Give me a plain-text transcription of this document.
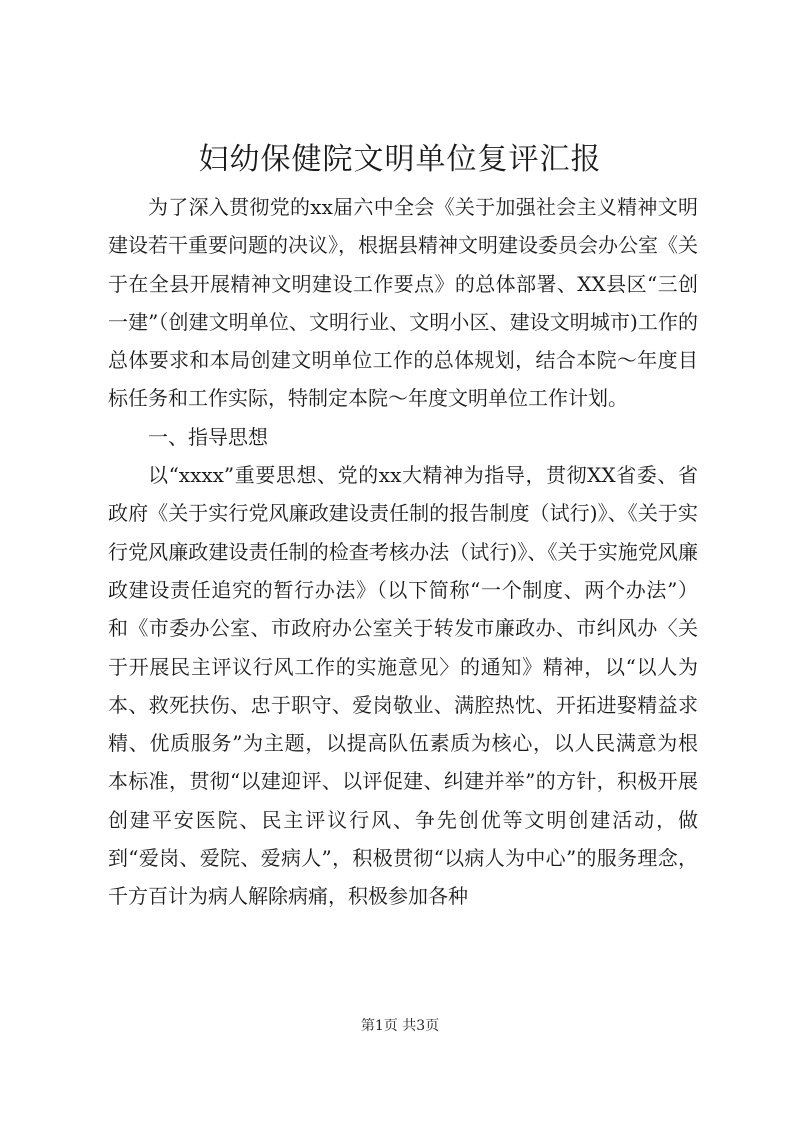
妇幼保健院文明单位复评汇报

为了深入贯彻党的xx届六中全会《关于加强社会主义精神文明建设若干重要问题的决议》，根据县精神文明建设委员会办公室《关于在全县开展精神文明建设工作要点》的总体部署、XX县区“三创一建”（创建文明单位、文明行业、文明小区、建设文明城市)工作的总体要求和本局创建文明单位工作的总体规划，结合本院～年度目标任务和工作实际，特制定本院～年度文明单位工作计划。

一、指导思想

以“xxxx”重要思想、党的xx大精神为指导，贯彻XX省委、省政府《关于实行党风廉政建设责任制的报告制度（试行)》、《关于实行党风廉政建设责任制的检查考核办法（试行)》、《关于实施党风廉政建设责任追究的暂行办法》（以下简称“一个制度、两个办法”）和《市委办公室、市政府办公室关于转发市廉政办、市纠风办〈关于开展民主评议行风工作的实施意见〉的通知》精神，以“以人为本、救死扶伤、忠于职守、爱岗敬业、满腔热忱、开拓进娶精益求精、优质服务”为主题，以提高队伍素质为核心，以人民满意为根本标准，贯彻“以建迎评、以评促建、纠建并举”的方针，积极开展创建平安医院、民主评议行风、争先创优等文明创建活动，做到“爱岗、爱院、爱病人”，积极贯彻“以病人为中心”的服务理念，千方百计为病人解除病痛，积极参加各种

第1页 共3页
